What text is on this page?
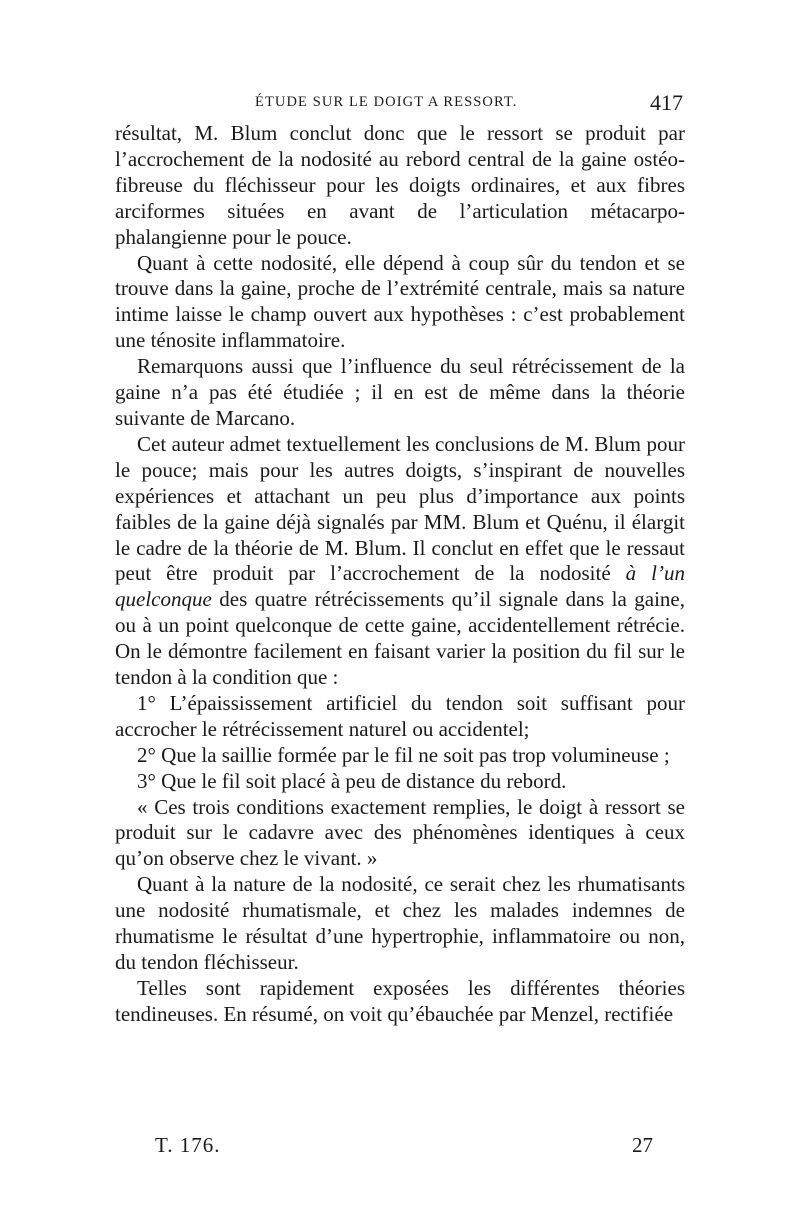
ÉTUDE SUR LE DOIGT A RESSORT.	417

résultat, M. Blum conclut donc que le ressort se produit par l’accrochement de la nodosité au rebord central de la gaine ostéo-fibreuse du fléchisseur pour les doigts ordinaires, et aux fibres arciformes situées en avant de l’articulation métacarpo-phalangienne pour le pouce.

Quant à cette nodosité, elle dépend à coup sûr du tendon et se trouve dans la gaine, proche de l’extrémité centrale, mais sa nature intime laisse le champ ouvert aux hypothèses : c’est probablement une ténosite inflammatoire.

Remarquons aussi que l’influence du seul rétrécissement de la gaine n’a pas été étudiée ; il en est de même dans la théorie suivante de Marcano.

Cet auteur admet textuellement les conclusions de M. Blum pour le pouce; mais pour les autres doigts, s’inspirant de nouvelles expériences et attachant un peu plus d’importance aux points faibles de la gaine déjà signalés par MM. Blum et Quénu, il élargit le cadre de la théorie de M. Blum. Il conclut en effet que le ressaut peut être produit par l’accrochement de la nodosité à l’un quelconque des quatre rétrécissements qu’il signale dans la gaine, ou à un point quelconque de cette gaine, accidentellement rétrécie. On le démontre facilement en faisant varier la position du fil sur le tendon à la condition que :

1° L’épaississement artificiel du tendon soit suffisant pour accrocher le rétrécissement naturel ou accidentel;

2° Que la saillie formée par le fil ne soit pas trop volumineuse ;

3° Que le fil soit placé à peu de distance du rebord.

« Ces trois conditions exactement remplies, le doigt à ressort se produit sur le cadavre avec des phénomènes identiques à ceux qu’on observe chez le vivant. »

Quant à la nature de la nodosité, ce serait chez les rhumatisants une nodosité rhumatismale, et chez les malades indemnes de rhumatisme le résultat d’une hypertrophie, inflammatoire ou non, du tendon fléchisseur.

Telles sont rapidement exposées les différentes théories tendineuses. En résumé, on voit qu’ébauchée par Menzel, rectifiée

T. 176.	27
